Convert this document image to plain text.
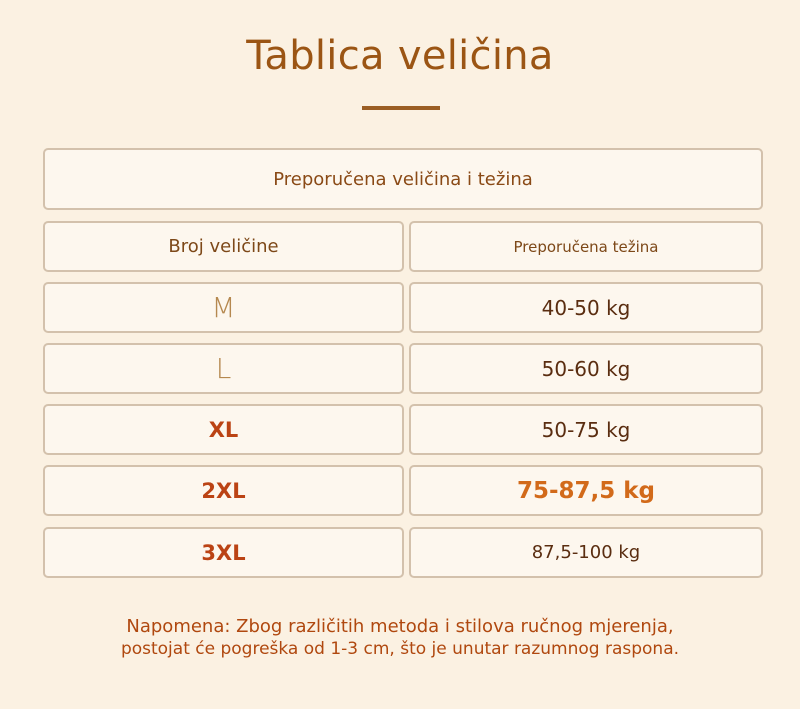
Tablica veličina
Preporučena veličina i težina
Broj veličine	Preporučena težina
M	40-50 kg
L	50-60 kg
XL	50-75 kg
2XL	75-87,5 kg
3XL	87,5-100 kg
Napomena: Zbog različitih metoda i stilova ručnog mjerenja,
postojat će pogreška od 1-3 cm, što je unutar razumnog raspona.
